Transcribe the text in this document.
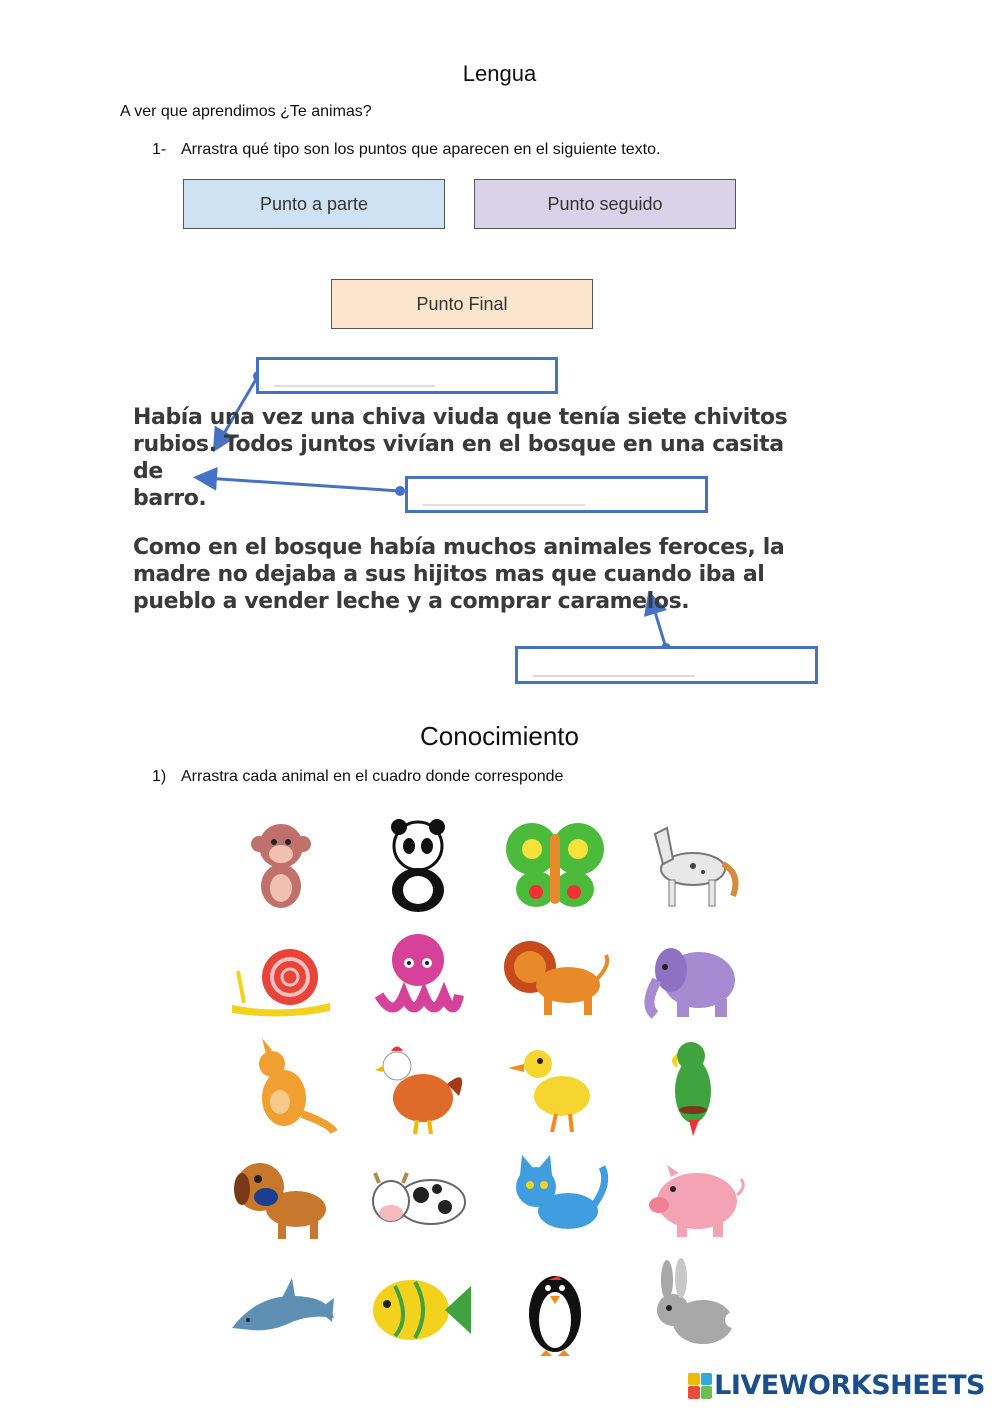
Lengua
A ver que aprendimos ¿Te animas?
1- Arrastra qué tipo son los puntos que aparecen en el siguiente texto.
Punto a parte	Punto seguido
Punto Final
Había una vez una chiva viuda que tenía siete chivitos
rubios. Todos juntos vivían en el bosque en una casita de
barro.
Como en el bosque había muchos animales feroces, la
madre no dejaba a sus hijitos mas que cuando iba al
pueblo a vender leche y a comprar caramelos.
Conocimiento
1) Arrastra cada animal en el cuadro donde corresponde
LIVEWORKSHEETS
